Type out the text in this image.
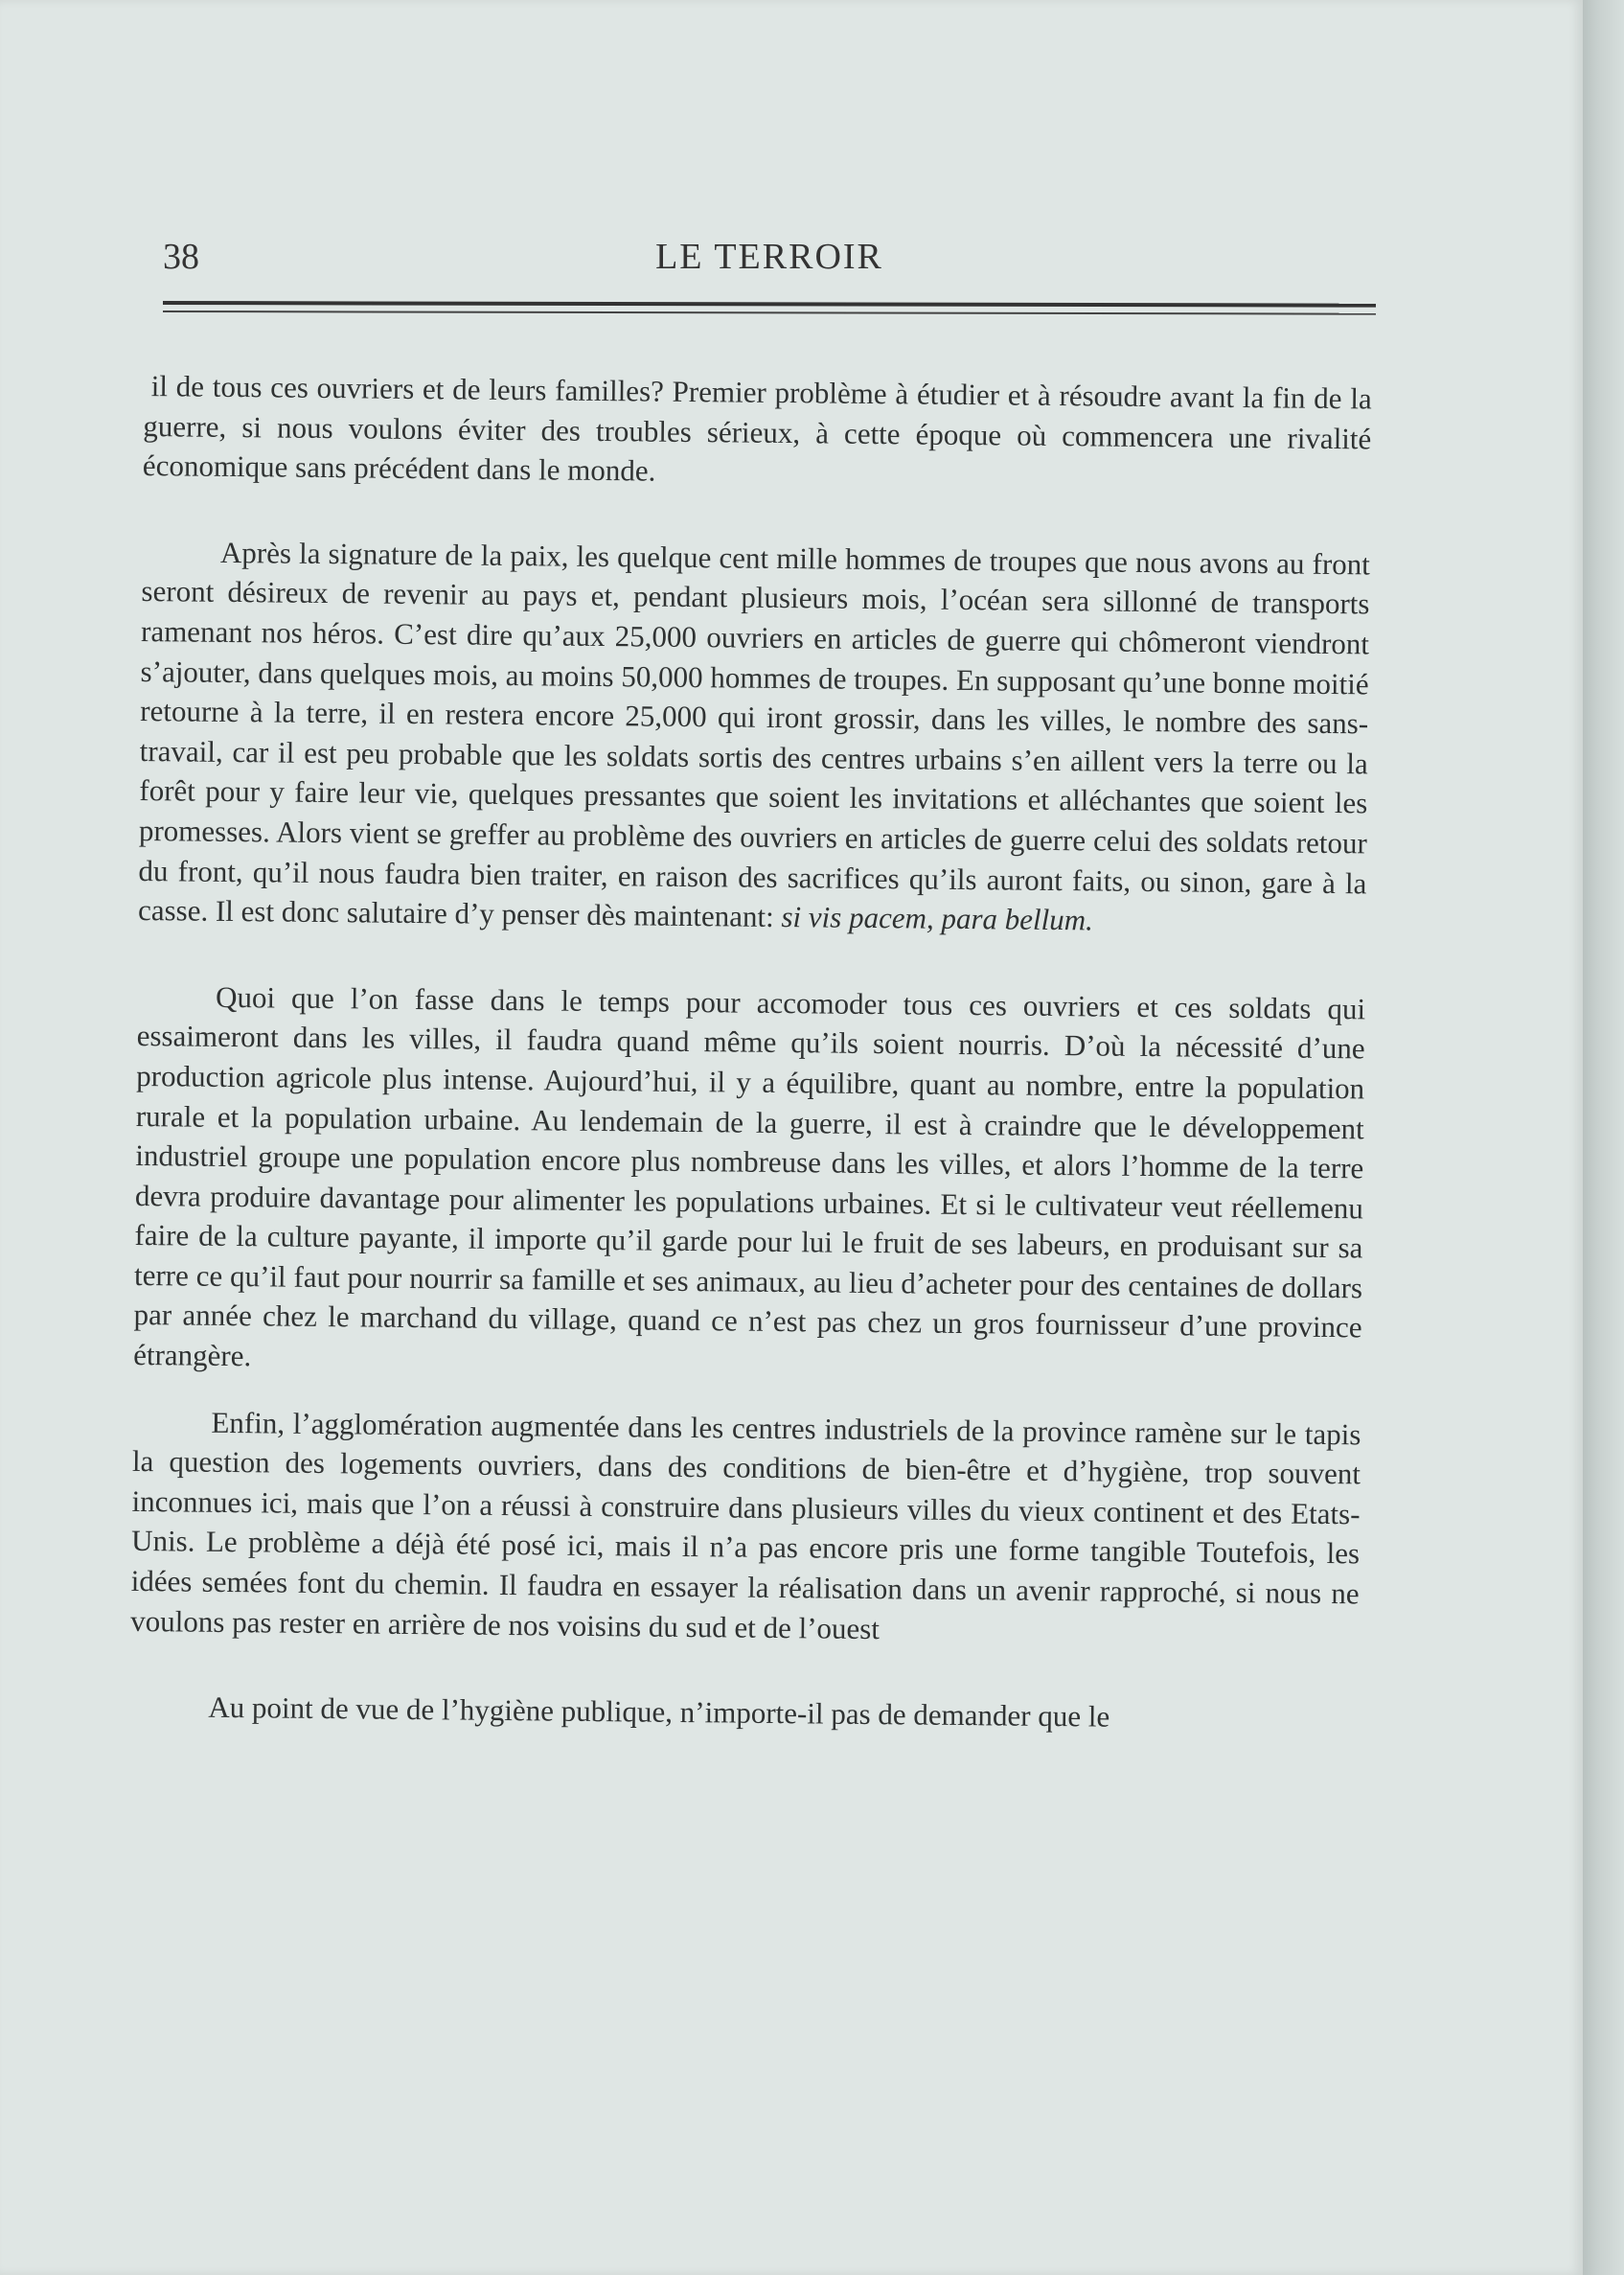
38	LE TERROIR

il de tous ces ouvriers et de leurs familles? Premier problème à étudier et à résoudre avant la fin de la guerre, si nous voulons éviter des troubles sérieux, à cette époque où commencera une rivalité économique sans précédent dans le monde.

Après la signature de la paix, les quelque cent mille hommes de troupes que nous avons au front seront désireux de revenir au pays et, pendant plusieurs mois, l’océan sera sillonné de transports ramenant nos héros. C’est dire qu’aux 25,000 ouvriers en articles de guerre qui chômeront viendront s’ajouter, dans quelques mois, au moins 50,000 hommes de troupes. En supposant qu’une bonne moitié retourne à la terre, il en restera encore 25,000 qui iront grossir, dans les villes, le nombre des sans-travail, car il est peu probable que les soldats sortis des centres urbains s’en aillent vers la terre ou la forêt pour y faire leur vie, quelques pressantes que soient les invitations et alléchantes que soient les promesses. Alors vient se greffer au problème des ouvriers en articles de guerre celui des soldats retour du front, qu’il nous faudra bien traiter, en raison des sacrifices qu’ils auront faits, ou sinon, gare à la casse. Il est donc salutaire d’y penser dès maintenant: si vis pacem, para bellum.

Quoi que l’on fasse dans le temps pour accomoder tous ces ouvriers et ces soldats qui essaimeront dans les villes, il faudra quand même qu’ils soient nourris. D’où la nécessité d’une production agricole plus intense. Aujourd’hui, il y a équilibre, quant au nombre, entre la population rurale et la population urbaine. Au lendemain de la guerre, il est à craindre que le développement industriel groupe une population encore plus nombreuse dans les villes, et alors l’homme de la terre devra produire davantage pour alimenter les populations urbaines. Et si le cultivateur veut réellemenu faire de la culture payante, il importe qu’il garde pour lui le fruit de ses labeurs, en produisant sur sa terre ce qu’il faut pour nourrir sa famille et ses animaux, au lieu d’acheter pour des centaines de dollars par année chez le marchand du village, quand ce n’est pas chez un gros fournisseur d’une province étrangère.

Enfin, l’agglomération augmentée dans les centres industriels de la province ramène sur le tapis la question des logements ouvriers, dans des conditions de bien-être et d’hygiène, trop souvent inconnues ici, mais que l’on a réussi à construire dans plusieurs villes du vieux continent et des Etats-Unis. Le problème a déjà été posé ici, mais il n’a pas encore pris une forme tangible Toutefois, les idées semées font du chemin. Il faudra en essayer la réalisation dans un avenir rapproché, si nous ne voulons pas rester en arrière de nos voisins du sud et de l’ouest

Au point de vue de l’hygiène publique, n’importe-il pas de demander que le
